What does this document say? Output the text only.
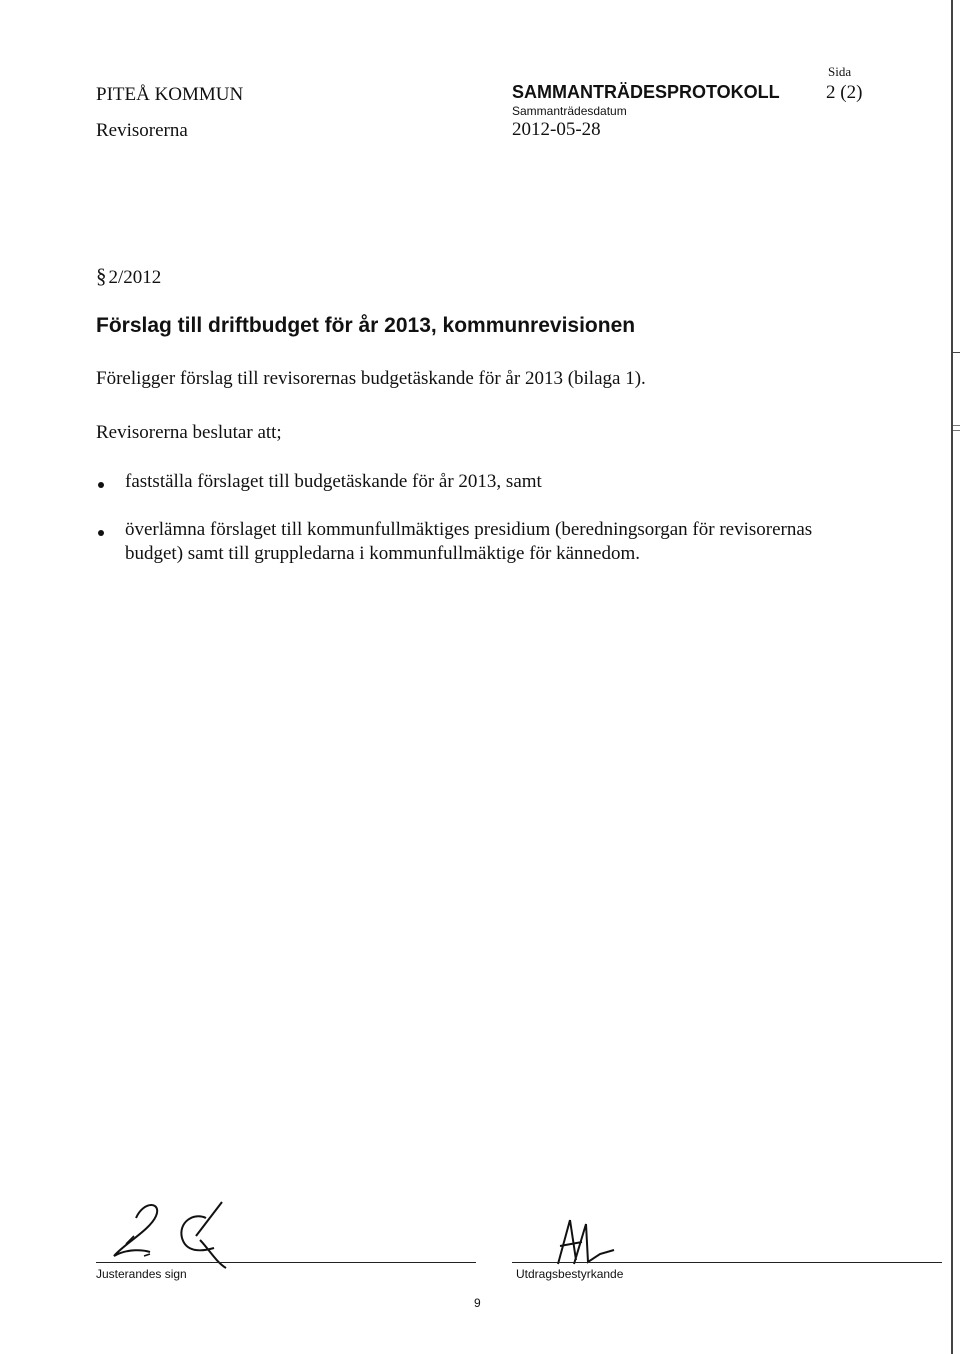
PITEÅ KOMMUN
Revisorerna
SAMMANTRÄDESPROTOKOLL
Sammanträdesdatum
2012-05-28
Sida
2 (2)
§ 2/2012
Förslag till driftbudget för år 2013, kommunrevisionen
Föreligger förslag till revisorernas budgetäskande för år 2013 (bilaga 1).
Revisorerna beslutar att;
fastställa förslaget till budgetäskande för år 2013, samt
överlämna förslaget till kommunfullmäktiges presidium (beredningsorgan för revisorernas
budget) samt till gruppledarna i kommunfullmäktige för kännedom.
Justerandes sign	Utdragsbestyrkande
9
